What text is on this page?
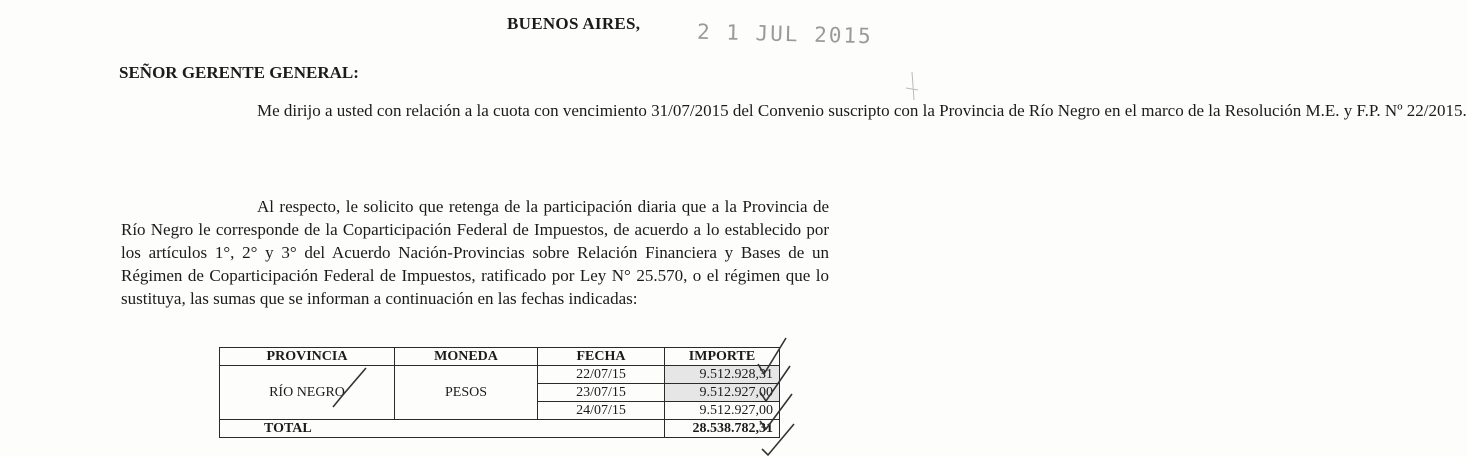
BUENOS AIRES,	2 1 JUL 2015
SEÑOR GERENTE GENERAL:

Me dirijo a usted con relación a la cuota con vencimiento 31/07/2015 del Convenio suscripto con la Provincia de Río Negro en el marco de la Resolución M.E. y F.P. Nº 22/2015.

Al respecto, le solicito que retenga de la participación diaria que a la Provincia de Río Negro le corresponde de la Coparticipación Federal de Impuestos, de acuerdo a lo establecido por los artículos 1°, 2° y 3° del Acuerdo Nación-Provincias sobre Relación Financiera y Bases de un Régimen de Coparticipación Federal de Impuestos, ratificado por Ley N° 25.570, o el régimen que lo sustituya, las sumas que se informan a continuación en las fechas indicadas:

PROVINCIA	MONEDA	FECHA	IMPORTE
RÍO NEGRO	PESOS	22/07/15	9.512.928,31
		23/07/15	9.512.927,00
		24/07/15	9.512.927,00
TOTAL			28.538.782,31
